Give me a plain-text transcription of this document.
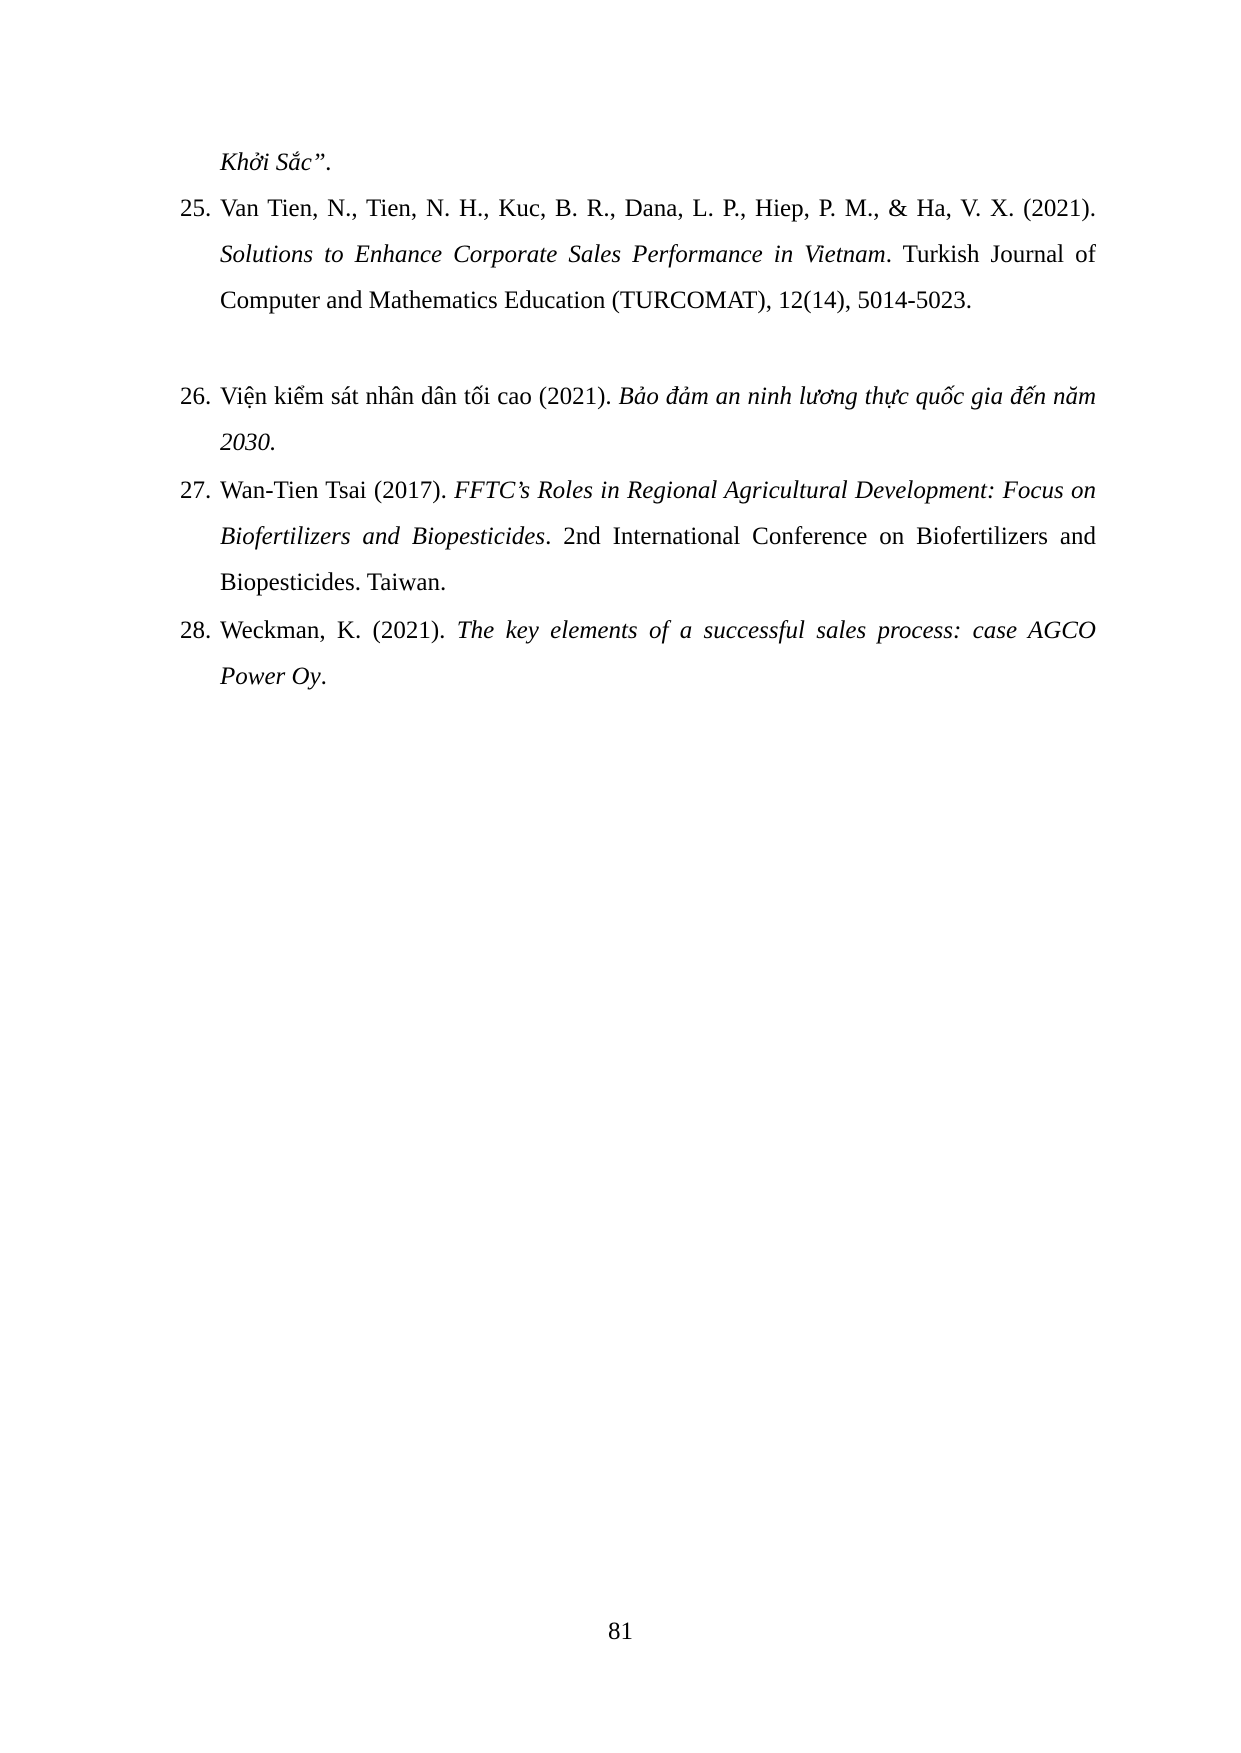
Khởi Sắc”.
25. Van Tien, N., Tien, N. H., Kuc, B. R., Dana, L. P., Hiep, P. M., & Ha, V. X. (2021). Solutions to Enhance Corporate Sales Performance in Vietnam. Turkish Journal of Computer and Mathematics Education (TURCOMAT), 12(14), 5014-5023.
26. Viện kiểm sát nhân dân tối cao (2021). Bảo đảm an ninh lương thực quốc gia đến năm 2030.
27. Wan-Tien Tsai (2017). FFTC’s Roles in Regional Agricultural Development: Focus on Biofertilizers and Biopesticides. 2nd International Conference on Biofertilizers and Biopesticides. Taiwan.
28. Weckman, K. (2021). The key elements of a successful sales process: case AGCO Power Oy.
81
